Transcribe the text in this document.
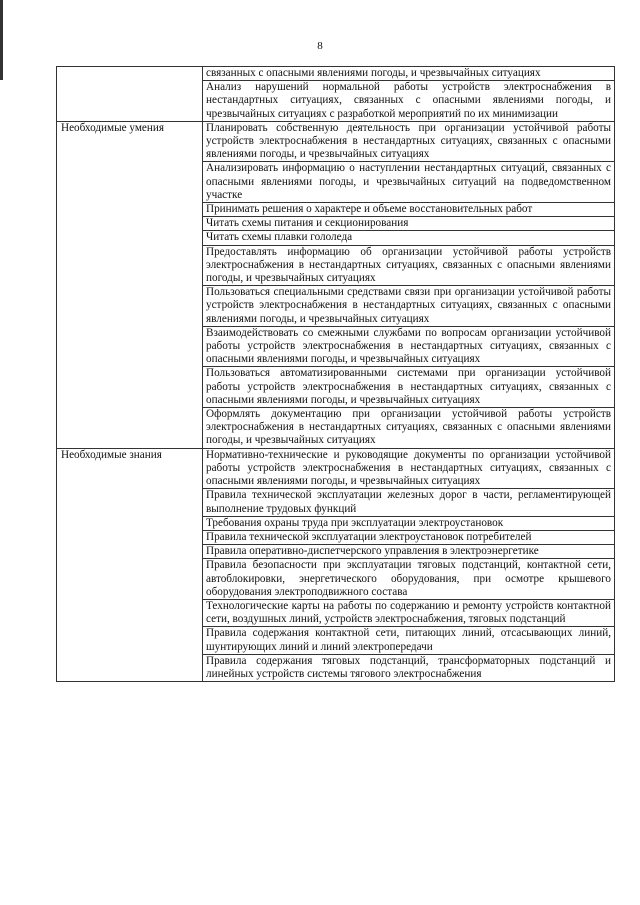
8
	связанных с опасными явлениями погоды, и чрезвычайных ситуациях
	Анализ нарушений нормальной работы устройств электроснабжения в нестандартных ситуациях, связанных с опасными явлениями погоды, и чрезвычайных ситуациях с разработкой мероприятий по их минимизации
Необходимые умения	Планировать собственную деятельность при организации устойчивой работы устройств электроснабжения в нестандартных ситуациях, связанных с опасными явлениями погоды, и чрезвычайных ситуациях
	Анализировать информацию о наступлении нестандартных ситуаций, связанных с опасными явлениями погоды, и чрезвычайных ситуаций на подведомственном участке
	Принимать решения о характере и объеме восстановительных работ
	Читать схемы питания и секционирования
	Читать схемы плавки гололеда
	Предоставлять информацию об организации устойчивой работы устройств электроснабжения в нестандартных ситуациях, связанных с опасными явлениями погоды, и чрезвычайных ситуациях
	Пользоваться специальными средствами связи при организации устойчивой работы устройств электроснабжения в нестандартных ситуациях, связанных с опасными явлениями погоды, и чрезвычайных ситуациях
	Взаимодействовать со смежными службами по вопросам организации устойчивой работы устройств электроснабжения в нестандартных ситуациях, связанных с опасными явлениями погоды, и чрезвычайных ситуациях
	Пользоваться автоматизированными системами при организации устойчивой работы устройств электроснабжения в нестандартных ситуациях, связанных с опасными явлениями погоды, и чрезвычайных ситуациях
	Оформлять документацию при организации устойчивой работы устройств электроснабжения в нестандартных ситуациях, связанных с опасными явлениями погоды, и чрезвычайных ситуациях
Необходимые знания	Нормативно-технические и руководящие документы по организации устойчивой работы устройств электроснабжения в нестандартных ситуациях, связанных с опасными явлениями погоды, и чрезвычайных ситуациях
	Правила технической эксплуатации железных дорог в части, регламентирующей выполнение трудовых функций
	Требования охраны труда при эксплуатации электроустановок
	Правила технической эксплуатации электроустановок потребителей
	Правила оперативно-диспетчерского управления в электроэнергетике
	Правила безопасности при эксплуатации тяговых подстанций, контактной сети, автоблокировки, энергетического оборудования, при осмотре крышевого оборудования электроподвижного состава
	Технологические карты на работы по содержанию и ремонту устройств контактной сети, воздушных линий, устройств электроснабжения, тяговых подстанций
	Правила содержания контактной сети, питающих линий, отсасывающих линий, шунтирующих линий и линий электропередачи
	Правила содержания тяговых подстанций, трансформаторных подстанций и линейных устройств системы тягового электроснабжения
